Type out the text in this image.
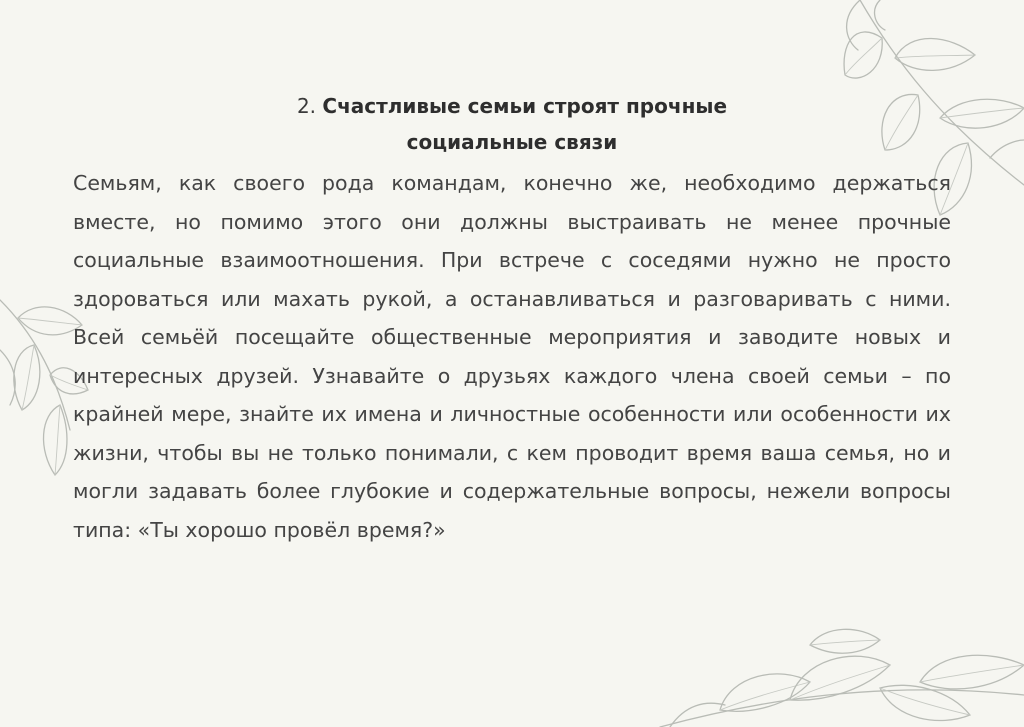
2. Счастливые семьи строят прочные
социальные связи
Семьям, как своего рода командам, конечно же, необходимо держаться вместе, но помимо этого они должны выстраивать не менее прочные социальные взаимоотношения. При встрече с соседями нужно не просто здороваться или махать рукой, а останавливаться и разговаривать с ними. Всей семьёй посещайте общественные мероприятия и заводите новых и интересных друзей. Узнавайте о друзьях каждого члена своей семьи – по крайней мере, знайте их имена и личностные особенности или особенности их жизни, чтобы вы не только понимали, с кем проводит время ваша семья, но и могли задавать более глубокие и содержательные вопросы, нежели вопросы типа: «Ты хорошо провёл время?»
